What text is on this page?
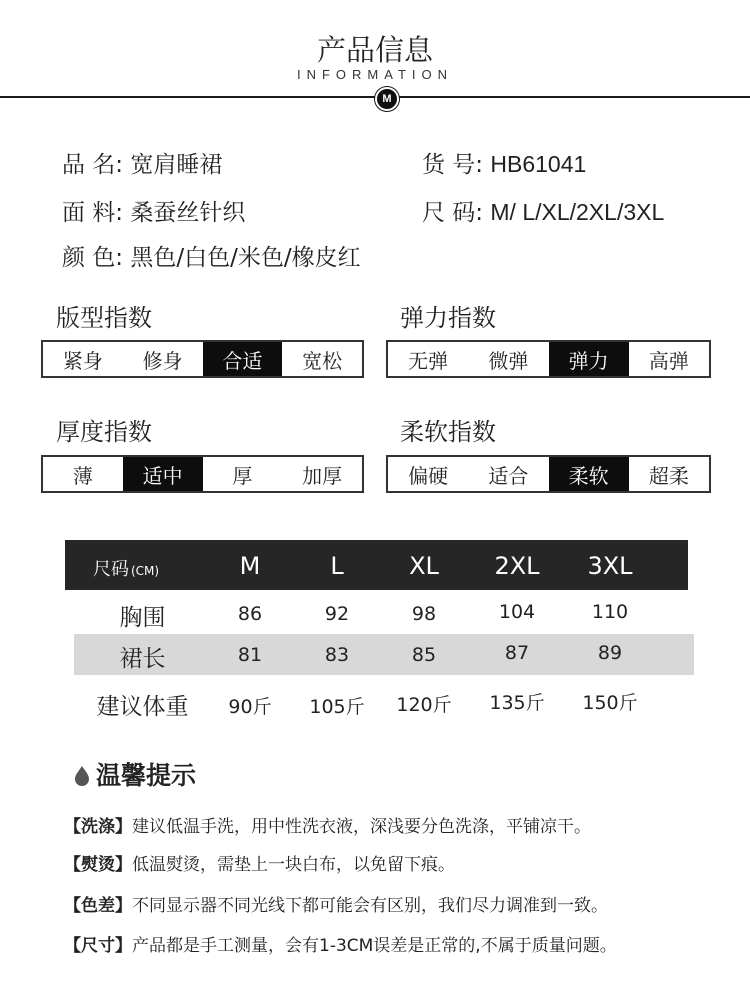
产品信息
INFORMATION
M
品 名: 宽肩睡裙	货 号: HB61041
面 料: 桑蚕丝针织	尺 码: M/ L/XL/2XL/3XL
颜 色: 黑色/白色/米色/橡皮红
版型指数
紧身	修身	合适	宽松
弹力指数
无弹	微弹	弹力	高弹
厚度指数
薄	适中	厚	加厚
柔软指数
偏硬	适合	柔软	超柔
尺码 (CM)	M	L	XL	2XL	3XL
胸围	86	92	98	104	110
裙长	81	83	85	87	89
建议体重	90斤	105斤	120斤	135斤	150斤
温馨提示
【洗涤】建议低温手洗，用中性洗衣液，深浅要分色洗涤，平铺凉干。
【熨烫】低温熨烫，需垫上一块白布，以免留下痕。
【色差】不同显示器不同光线下都可能会有区别，我们尽力调准到一致。
【尺寸】产品都是手工测量，会有1-3CM误差是正常的,不属于质量问题。
